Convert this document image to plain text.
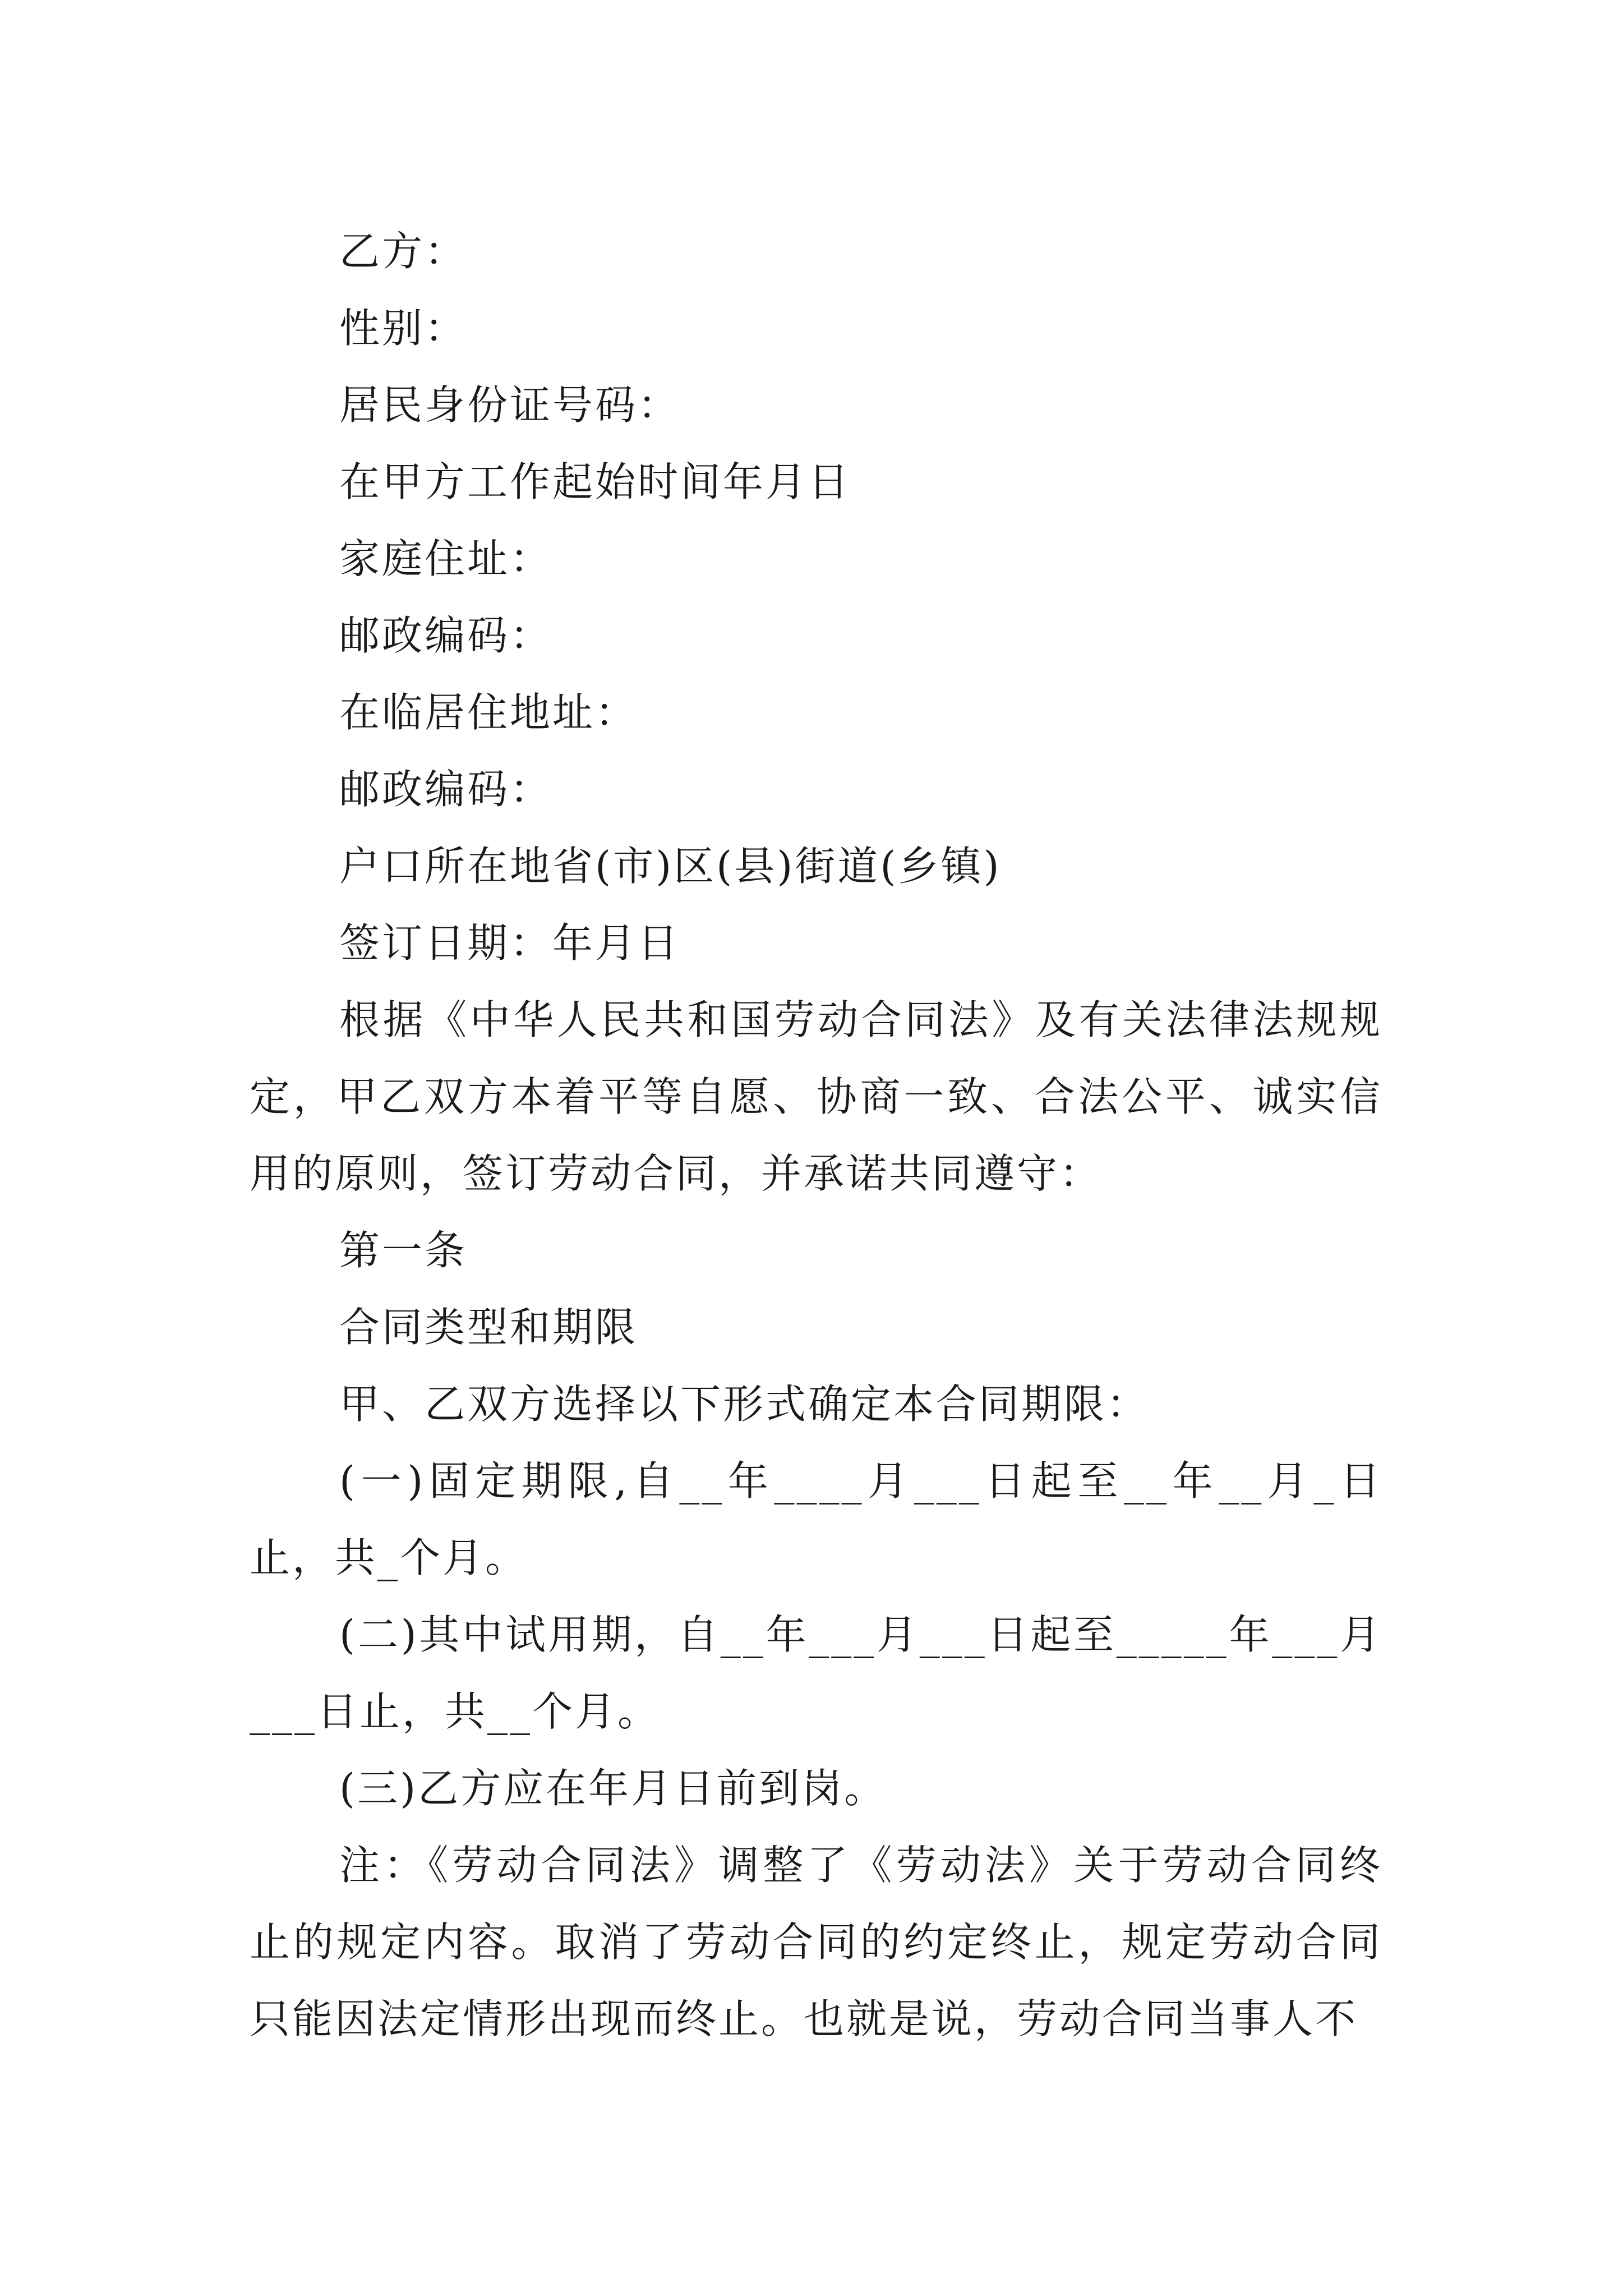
乙方：

性别：

居民身份证号码：

在甲方工作起始时间年月日

家庭住址：

邮政编码：

在临居住地址：

邮政编码：

户口所在地省(市)区(县)街道(乡镇)

签订日期：年月日

根据《中华人民共和国劳动合同法》及有关法律法规规定，甲乙双方本着平等自愿、协商一致、合法公平、诚实信用的原则，签订劳动合同，并承诺共同遵守：

第一条

合同类型和期限

甲、乙双方选择以下形式确定本合同期限：

(一)固定期限,自__年____月___日起至__年__月_日止，共_个月。

(二)其中试用期，自__年___月___日起至_____年___月___日止，共__个月。

(三)乙方应在年月日前到岗。

注：《劳动合同法》调整了《劳动法》关于劳动合同终止的规定内容。取消了劳动合同的约定终止，规定劳动合同只能因法定情形出现而终止。也就是说，劳动合同当事人不
